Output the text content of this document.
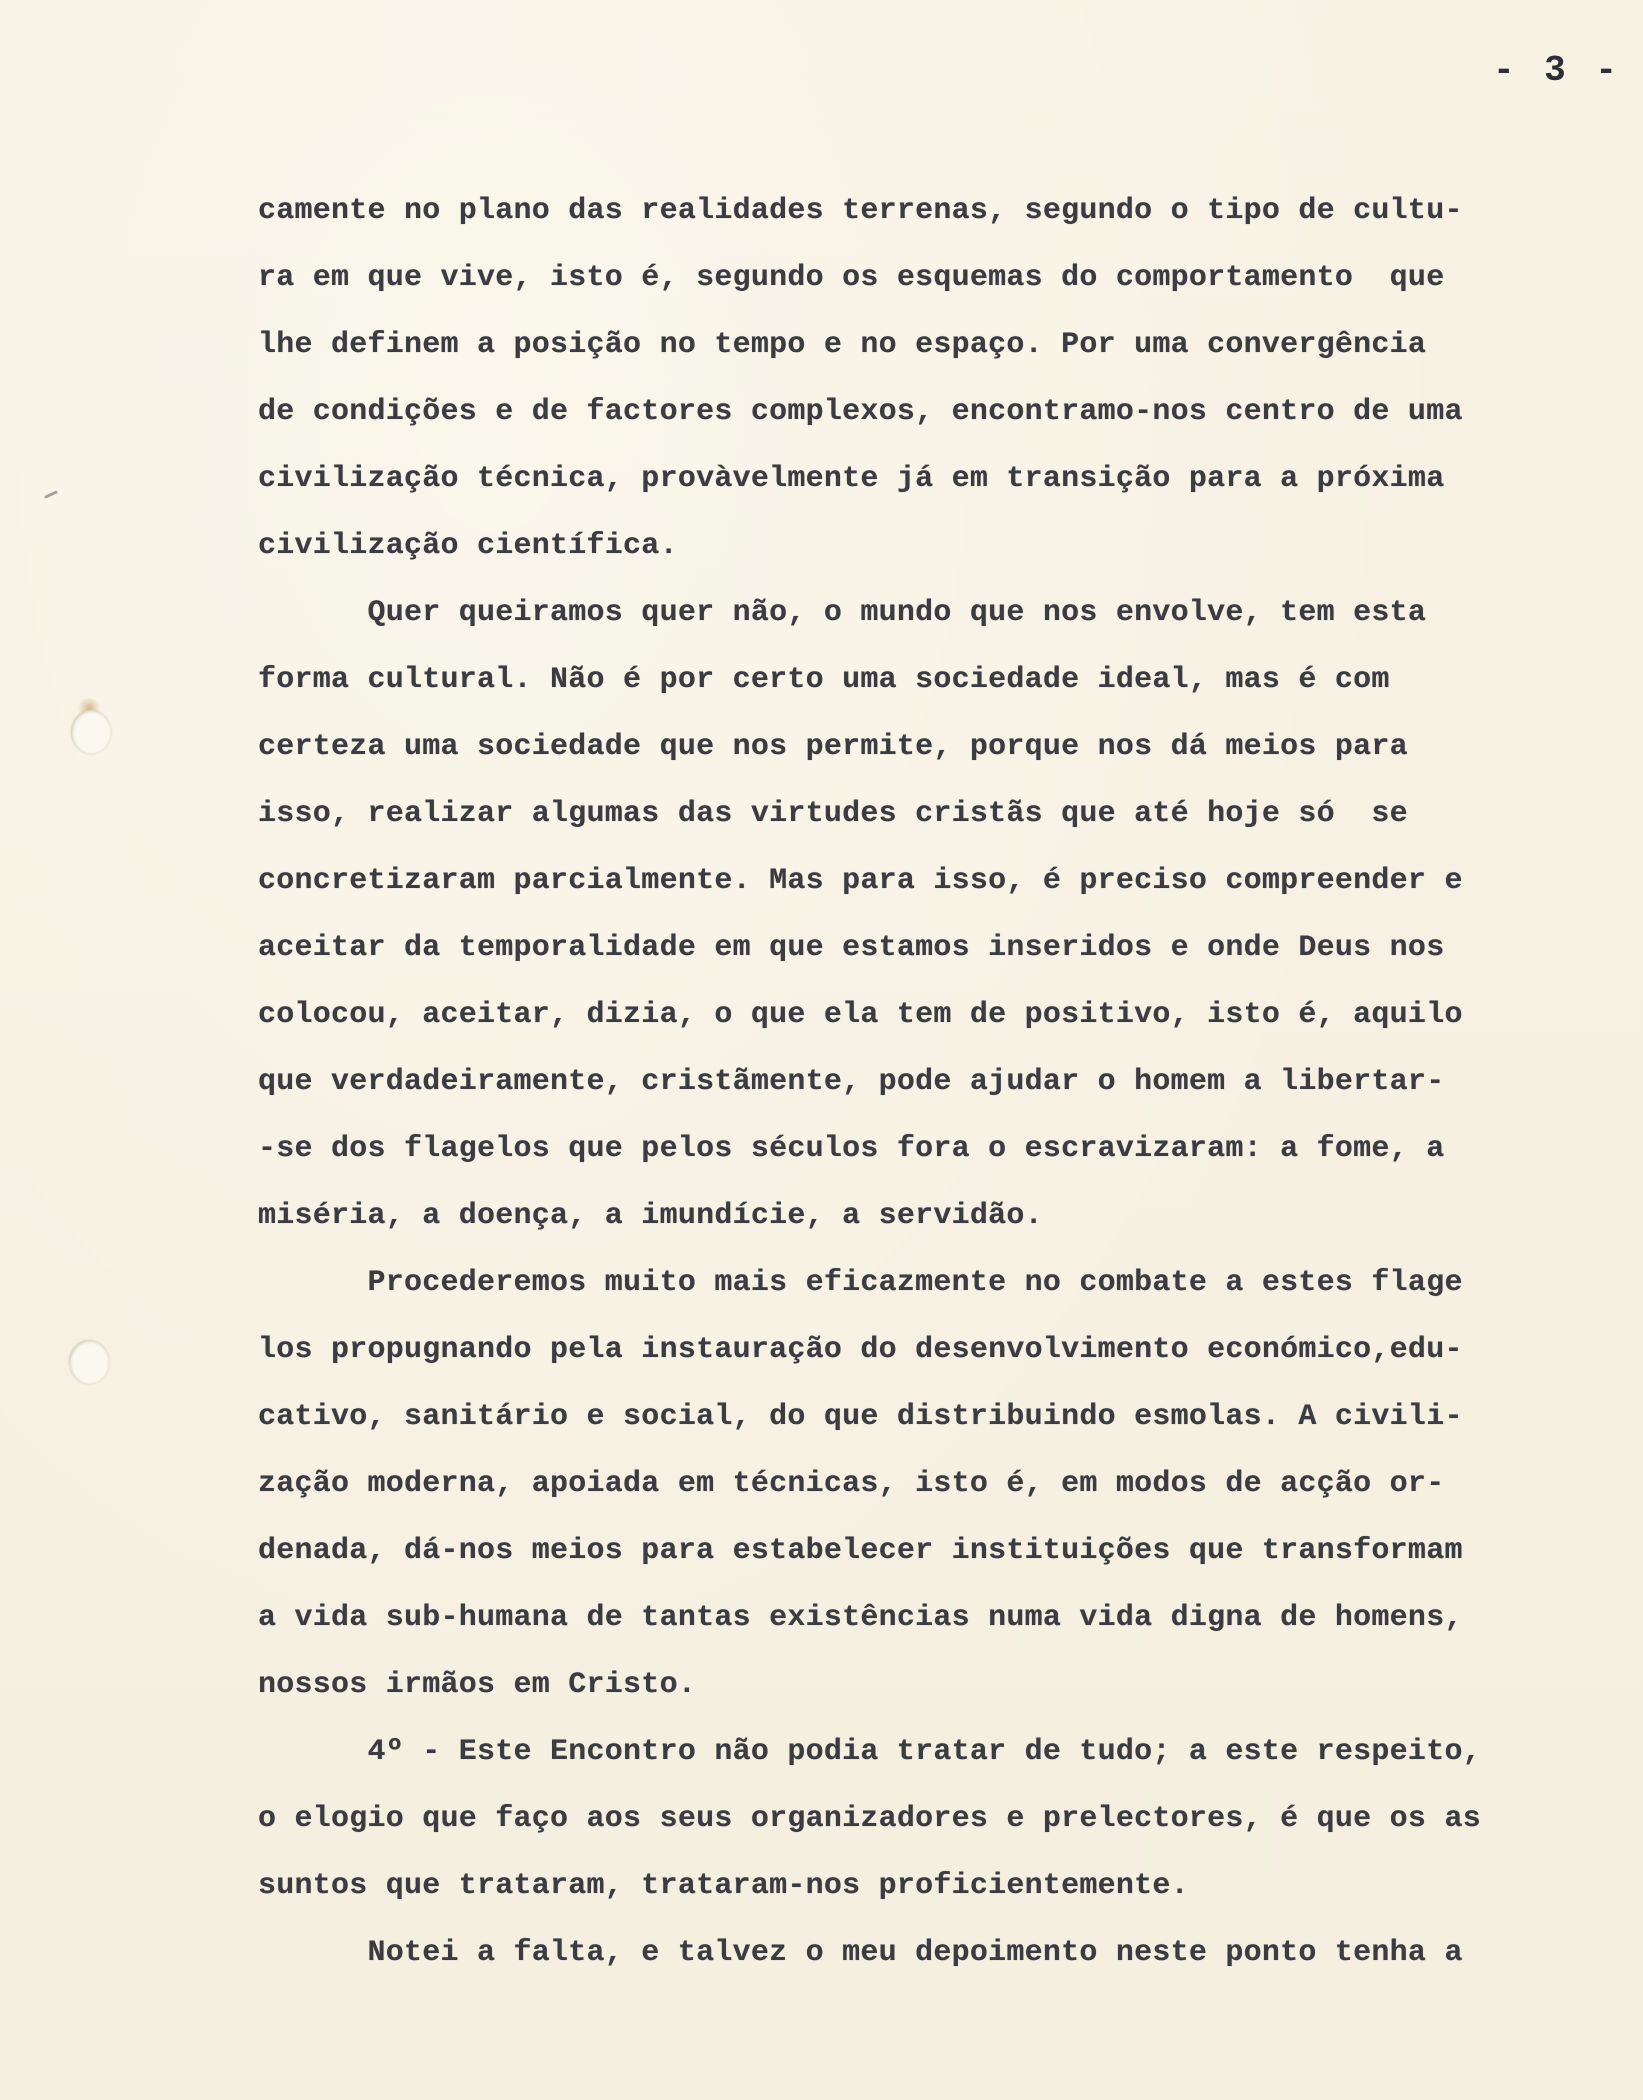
- 3 -
camente no plano das realidades terrenas, segundo o tipo de cultu-
ra em que vive, isto é, segundo os esquemas do comportamento  que
lhe definem a posição no tempo e no espaço. Por uma convergência
de condições e de factores complexos, encontramo-nos centro de uma
civilização técnica, provàvelmente já em transição para a próxima
civilização científica.
Quer queiramos quer não, o mundo que nos envolve, tem esta
forma cultural. Não é por certo uma sociedade ideal, mas é com
certeza uma sociedade que nos permite, porque nos dá meios para
isso, realizar algumas das virtudes cristãs que até hoje só  se
concretizaram parcialmente. Mas para isso, é preciso compreender e
aceitar da temporalidade em que estamos inseridos e onde Deus nos
colocou, aceitar, dizia, o que ela tem de positivo, isto é, aquilo
que verdadeiramente, cristãmente, pode ajudar o homem a libertar-
-se dos flagelos que pelos séculos fora o escravizaram: a fome, a
miséria, a doença, a imundície, a servidão.
Procederemos muito mais eficazmente no combate a estes flage
los propugnando pela instauração do desenvolvimento económico,edu-
cativo, sanitário e social, do que distribuindo esmolas. A civili-
zação moderna, apoiada em técnicas, isto é, em modos de acção or-
denada, dá-nos meios para estabelecer instituições que transformam
a vida sub-humana de tantas existências numa vida digna de homens,
nossos irmãos em Cristo.
4º - Este Encontro não podia tratar de tudo; a este respeito,
o elogio que faço aos seus organizadores e prelectores, é que os as
suntos que trataram, trataram-nos proficientemente.
Notei a falta, e talvez o meu depoimento neste ponto tenha a
